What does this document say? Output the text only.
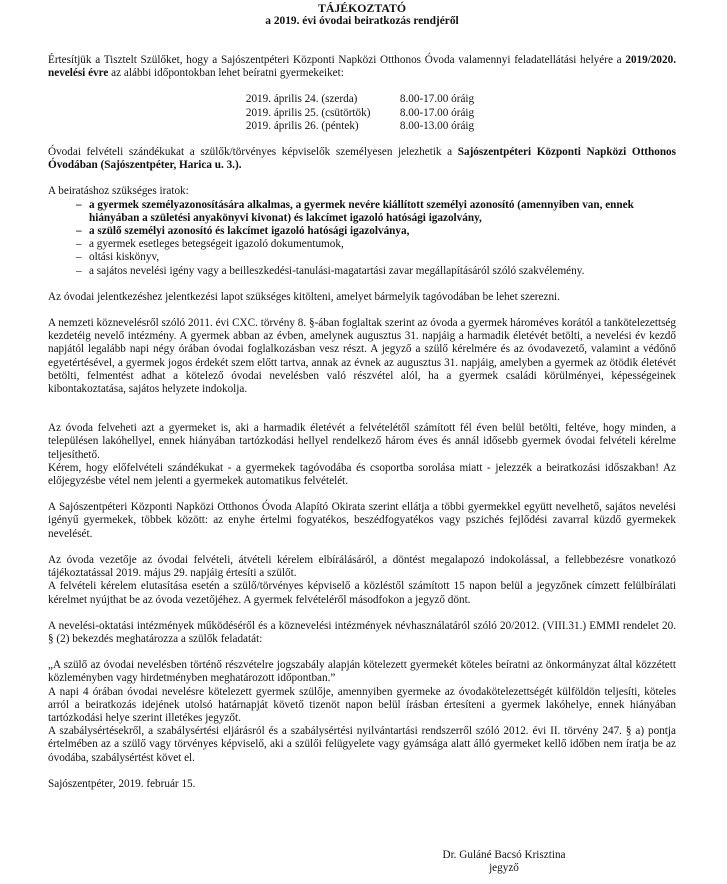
TÁJÉKOZTATÓ
a 2019. évi óvodai beiratkozás rendjéről

Értesítjük a Tisztelt Szülőket, hogy a Sajószentpéteri Központi Napközi Otthonos Óvoda valamennyi feladatellátási helyére a 2019/2020. nevelési évre az alábbi időpontokban lehet beíratni gyermekeiket:

2019. április 24. (szerda)	8.00-17.00 óráig
2019. április 25. (csütörtök)	8.00-17.00 óráig
2019. április 26. (péntek)	8.00-13.00 óráig

Óvodai felvételi szándékukat a szülők/törvényes képviselők személyesen jelezhetik a Sajószentpéteri Központi Napközi Otthonos Óvodában (Sajószentpéter, Harica u. 3.).

A beiratáshoz szükséges iratok:
– a gyermek személyazonosítására alkalmas, a gyermek nevére kiállított személyi azonosító (amennyiben van, ennek hiányában a születési anyakönyvi kivonat) és lakcímet igazoló hatósági igazolvány,
– a szülő személyi azonosító és lakcímet igazoló hatósági igazolványa,
– a gyermek esetleges betegségeit igazoló dokumentumok,
– oltási kiskönyv,
– a sajátos nevelési igény vagy a beilleszkedési-tanulási-magatartási zavar megállapításáról szóló szakvélemény.

Az óvodai jelentkezéshez jelentkezési lapot szükséges kitölteni, amelyet bármelyik tagóvodában be lehet szerezni.

A nemzeti köznevelésről szóló 2011. évi CXC. törvény 8. §-ában foglaltak szerint az óvoda a gyermek hároméves korától a tankötelezettség kezdetéig nevelő intézmény. A gyermek abban az évben, amelynek augusztus 31. napjáig a harmadik életévét betölti, a nevelési év kezdő napjától legalább napi négy órában óvodai foglalkozásban vesz részt. A jegyző a szülő kérelmére és az óvodavezető, valamint a védőnő egyetértésével, a gyermek jogos érdekét szem előtt tartva, annak az évnek az augusztus 31. napjáig, amelyben a gyermek az ötödik életévét betölti, felmentést adhat a kötelező óvodai nevelésben való részvétel alól, ha a gyermek családi körülményei, képességeinek kibontakoztatása, sajátos helyzete indokolja.

Az óvoda felveheti azt a gyermeket is, aki a harmadik életévét a felvételétől számított fél éven belül betölti, feltéve, hogy minden, a településen lakóhellyel, ennek hiányában tartózkodási hellyel rendelkező három éves és annál idősebb gyermek óvodai felvételi kérelme teljesíthető.

Kérem, hogy előfelvételi szándékukat - a gyermekek tagóvodába és csoportba sorolása miatt - jelezzék a beiratkozási időszakban! Az előjegyzésbe vétel nem jelenti a gyermekek automatikus felvételét.

A Sajószentpéteri Központi Napközi Otthonos Óvoda Alapító Okirata szerint ellátja a többi gyermekkel együtt nevelhető, sajátos nevelési igényű gyermekek, többek között: az enyhe értelmi fogyatékos, beszédfogyatékos vagy pszichés fejlődési zavarral küzdő gyermekek nevelését.

Az óvoda vezetője az óvodai felvételi, átvételi kérelem elbírálásáról, a döntést megalapozó indokolással, a fellebbezésre vonatkozó tájékoztatással 2019. május 29. napjáig értesíti a szülőt.

A felvételi kérelem elutasítása esetén a szülő/törvényes képviselő a közléstől számított 15 napon belül a jegyzőnek címzett felülbírálati kérelmet nyújthat be az óvoda vezetőjéhez. A gyermek felvételéről másodfokon a jegyző dönt.

A nevelési-oktatási intézmények működéséről és a köznevelési intézmények névhasználatáról szóló 20/2012. (VIII.31.) EMMI rendelet 20. § (2) bekezdés meghatározza a szülők feladatát:

„A szülő az óvodai nevelésben történő részvételre jogszabály alapján kötelezett gyermekét köteles beíratni az önkormányzat által közzétett közleményben vagy hirdetményben meghatározott időpontban.”

A napi 4 órában óvodai nevelésre kötelezett gyermek szülője, amennyiben gyermeke az óvodakötelezettségét külföldön teljesíti, köteles arról a beiratkozás idejének utolsó határnapját követő tizenöt napon belül írásban értesíteni a gyermek lakóhelye, ennek hiányában tartózkodási helye szerint illetékes jegyzőt.

A szabálysértésekről, a szabálysértési eljárásról és a szabálysértési nyilvántartási rendszerről szóló 2012. évi II. törvény 247. § a) pontja értelmében az a szülő vagy törvényes képviselő, aki a szülői felügyelete vagy gyámsága alatt álló gyermeket kellő időben nem íratja be az óvodába, szabálysértést követ el.

Sajószentpéter, 2019. február 15.

Dr. Guláné Bacsó Krisztina
jegyző
